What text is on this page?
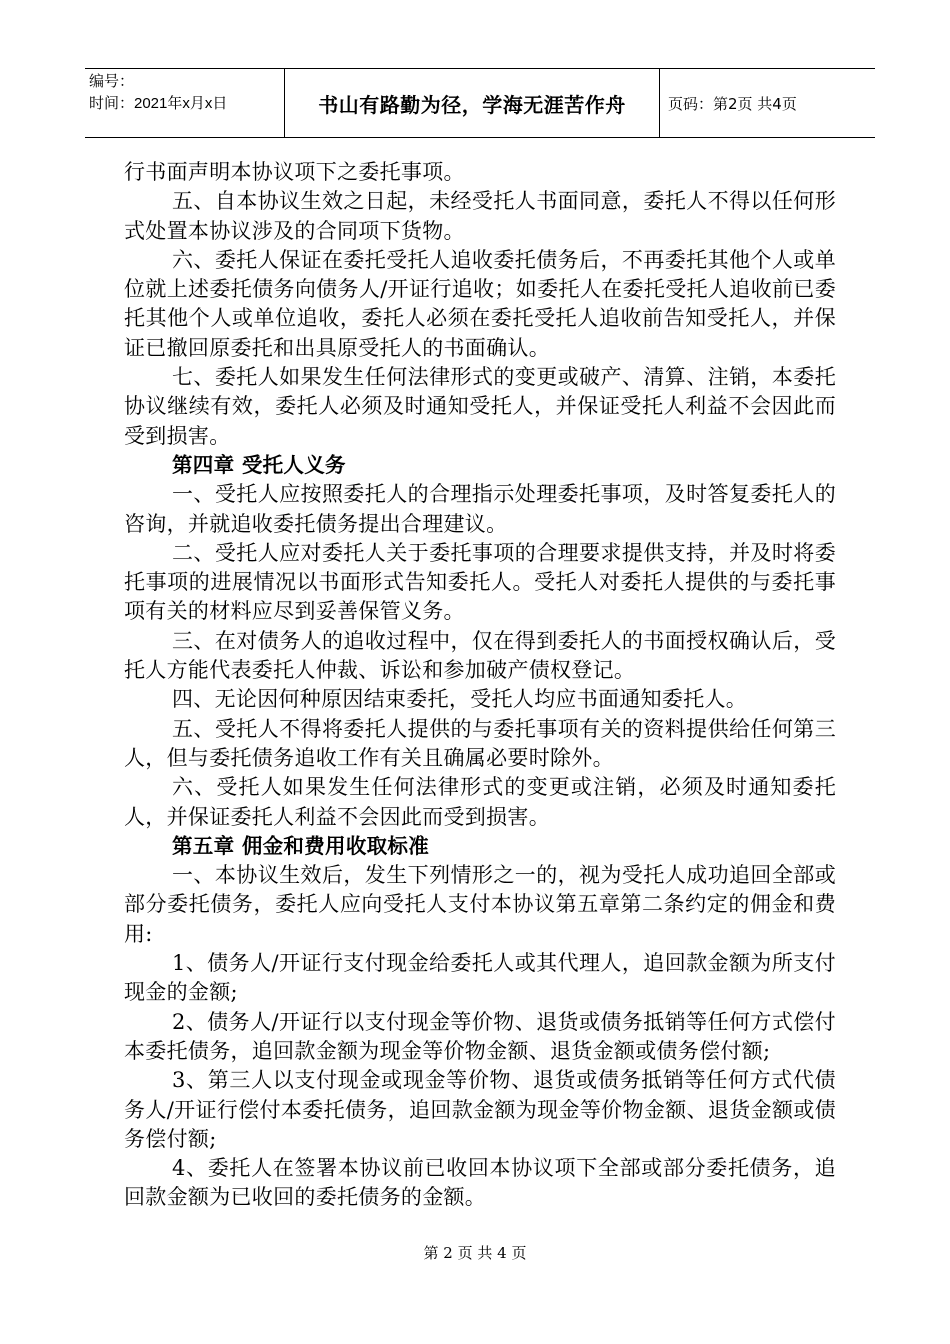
编号：
时间：2021年x月x日	书山有路勤为径，学海无涯苦作舟	页码：第2页 共4页

行书面声明本协议项下之委托事项。

五、自本协议生效之日起，未经受托人书面同意，委托人不得以任何形式处置本协议涉及的合同项下货物。

六、委托人保证在委托受托人追收委托债务后，不再委托其他个人或单位就上述委托债务向债务人/开证行追收；如委托人在委托受托人追收前已委托其他个人或单位追收，委托人必须在委托受托人追收前告知受托人，并保证已撤回原委托和出具原受托人的书面确认。

七、委托人如果发生任何法律形式的变更或破产、清算、注销，本委托协议继续有效，委托人必须及时通知受托人，并保证受托人利益不会因此而受到损害。

第四章 受托人义务

一、受托人应按照委托人的合理指示处理委托事项，及时答复委托人的咨询，并就追收委托债务提出合理建议。

二、受托人应对委托人关于委托事项的合理要求提供支持，并及时将委托事项的进展情况以书面形式告知委托人。受托人对委托人提供的与委托事项有关的材料应尽到妥善保管义务。

三、在对债务人的追收过程中，仅在得到委托人的书面授权确认后，受托人方能代表委托人仲裁、诉讼和参加破产债权登记。

四、无论因何种原因结束委托，受托人均应书面通知委托人。

五、受托人不得将委托人提供的与委托事项有关的资料提供给任何第三人，但与委托债务追收工作有关且确属必要时除外。

六、受托人如果发生任何法律形式的变更或注销，必须及时通知委托人，并保证委托人利益不会因此而受到损害。

第五章 佣金和费用收取标准

一、本协议生效后，发生下列情形之一的，视为受托人成功追回全部或部分委托债务，委托人应向受托人支付本协议第五章第二条约定的佣金和费用:

1、债务人/开证行支付现金给委托人或其代理人，追回款金额为所支付现金的金额;

2、债务人/开证行以支付现金等价物、退货或债务抵销等任何方式偿付本委托债务，追回款金额为现金等价物金额、退货金额或债务偿付额;

3、第三人以支付现金或现金等价物、退货或债务抵销等任何方式代债务人/开证行偿付本委托债务，追回款金额为现金等价物金额、退货金额或债务偿付额;

4、委托人在签署本协议前已收回本协议项下全部或部分委托债务，追回款金额为已收回的委托债务的金额。

第 2 页 共 4 页
